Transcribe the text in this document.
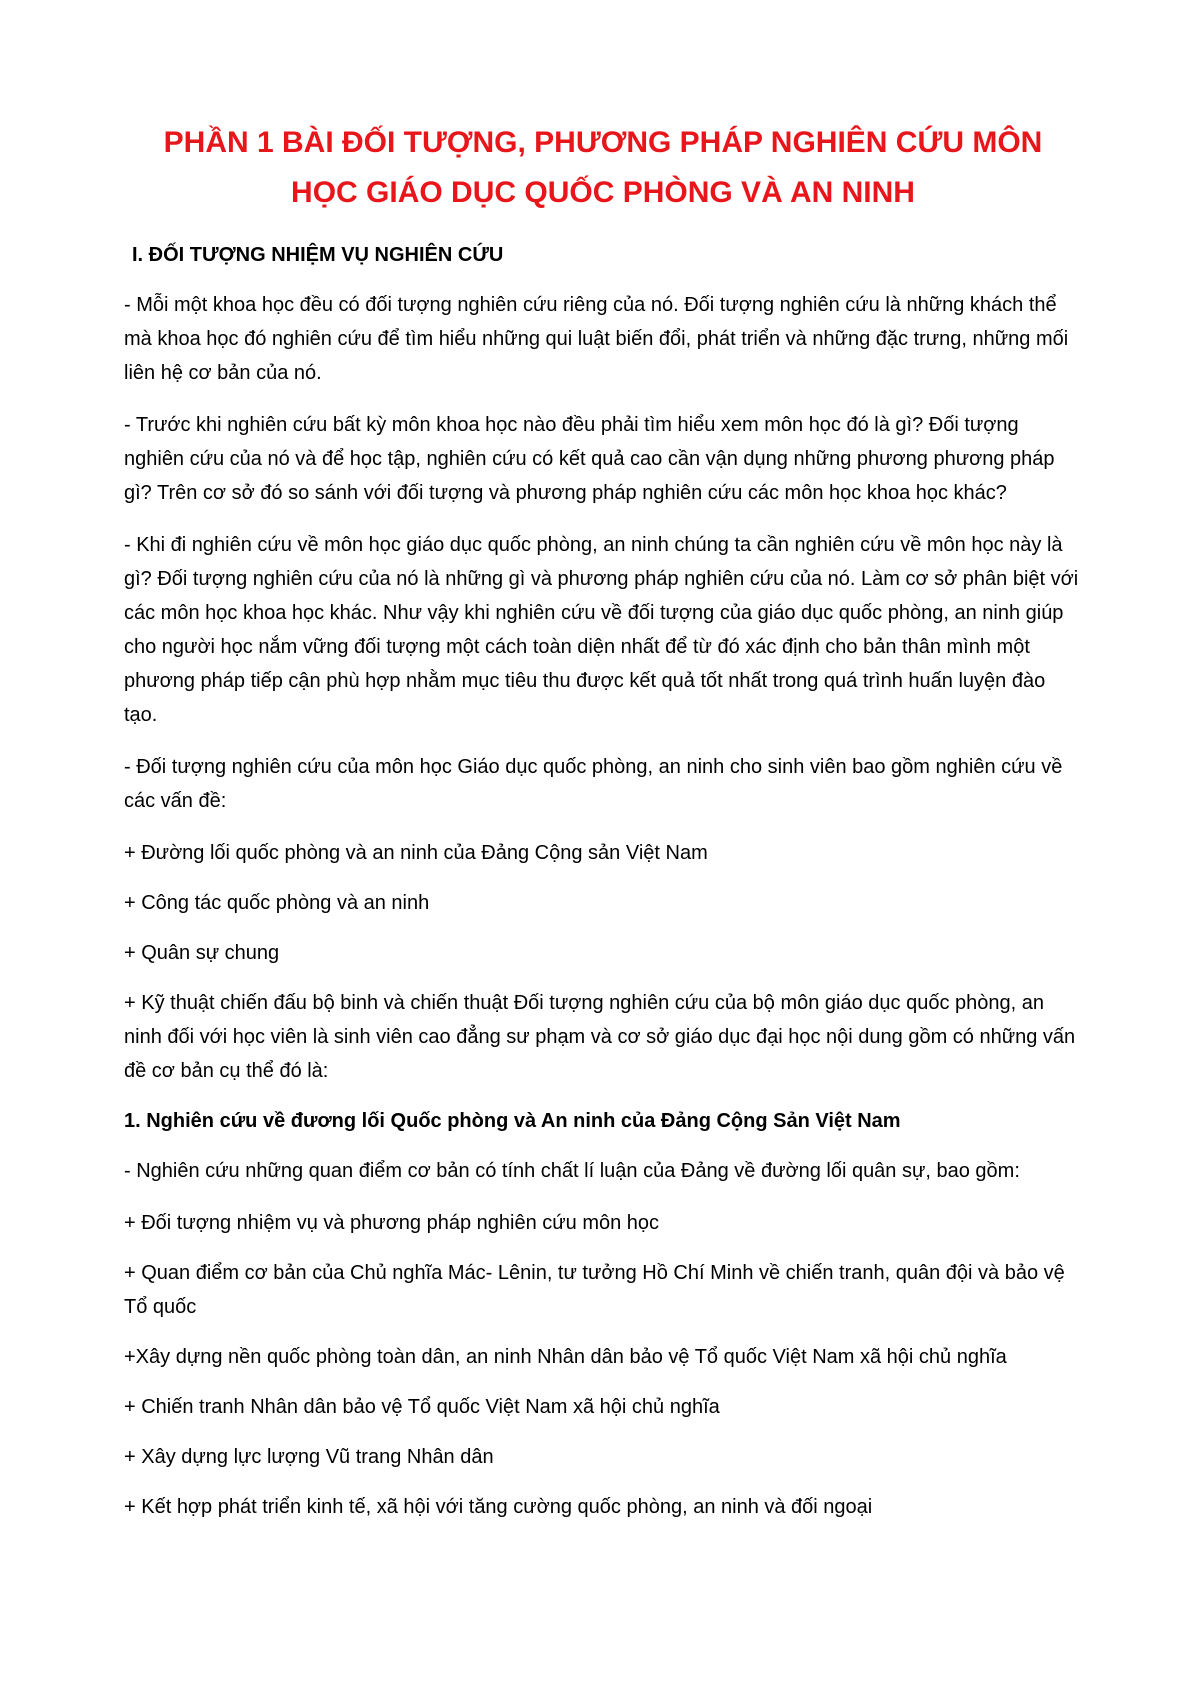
PHẦN 1 BÀI ĐỐI TƯỢNG, PHƯƠNG PHÁP NGHIÊN CỨU MÔN
HỌC GIÁO DỤC QUỐC PHÒNG VÀ AN NINH
I. ĐỐI TƯỢNG NHIỆM VỤ NGHIÊN CỨU

- Mỗi một khoa học đều có đối tượng nghiên cứu riêng của nó. Đối tượng nghiên cứu là những khách thể mà khoa học đó nghiên cứu để tìm hiểu những qui luật biến đổi, phát triển và những đặc trưng, những mối liên hệ cơ bản của nó.

- Trước khi nghiên cứu bất kỳ môn khoa học nào đều phải tìm hiểu xem môn học đó là gì? Đối tượng nghiên cứu của nó và để học tập, nghiên cứu có kết quả cao cần vận dụng những phương phương pháp gì? Trên cơ sở đó so sánh với đối tượng và phương pháp nghiên cứu các môn học khoa học khác?

- Khi đi nghiên cứu về môn học giáo dục quốc phòng, an ninh chúng ta cần nghiên cứu về môn học này là gì? Đối tượng nghiên cứu của nó là những gì và phương pháp nghiên cứu của nó. Làm cơ sở phân biệt với các môn học khoa học khác. Như vậy khi nghiên cứu về đối tượng của giáo dục quốc phòng, an ninh giúp cho người học nắm vững đối tượng một cách toàn diện nhất để từ đó xác định cho bản thân mình một phương pháp tiếp cận phù hợp nhằm mục tiêu thu được kết quả tốt nhất trong quá trình huấn luyện đào tạo.

- Đối tượng nghiên cứu của môn học Giáo dục quốc phòng, an ninh cho sinh viên bao gồm nghiên cứu về các vấn đề:

+ Đường lối quốc phòng và an ninh của Đảng Cộng sản Việt Nam

+ Công tác quốc phòng và an ninh

+ Quân sự chung

+ Kỹ thuật chiến đấu bộ binh và chiến thuật Đối tượng nghiên cứu của bộ môn giáo dục quốc phòng, an ninh đối với học viên là sinh viên cao đẳng sư phạm và cơ sở giáo dục đại học nội dung gồm có những vấn đề cơ bản cụ thể đó là:

1. Nghiên cứu về đương lối Quốc phòng và An ninh của Đảng Cộng Sản Việt Nam

- Nghiên cứu những quan điểm cơ bản có tính chất lí luận của Đảng về đường lối quân sự, bao gồm:

+ Đối tượng nhiệm vụ và phương pháp nghiên cứu môn học

+ Quan điểm cơ bản của Chủ nghĩa Mác- Lênin, tư tưởng Hồ Chí Minh về chiến tranh, quân đội và bảo vệ Tổ quốc

+Xây dựng nền quốc phòng toàn dân, an ninh Nhân dân bảo vệ Tổ quốc Việt Nam xã hội chủ nghĩa

+ Chiến tranh Nhân dân bảo vệ Tổ quốc Việt Nam xã hội chủ nghĩa

+ Xây dựng lực lượng Vũ trang Nhân dân

+ Kết hợp phát triển kinh tế, xã hội với tăng cường quốc phòng, an ninh và đối ngoại
